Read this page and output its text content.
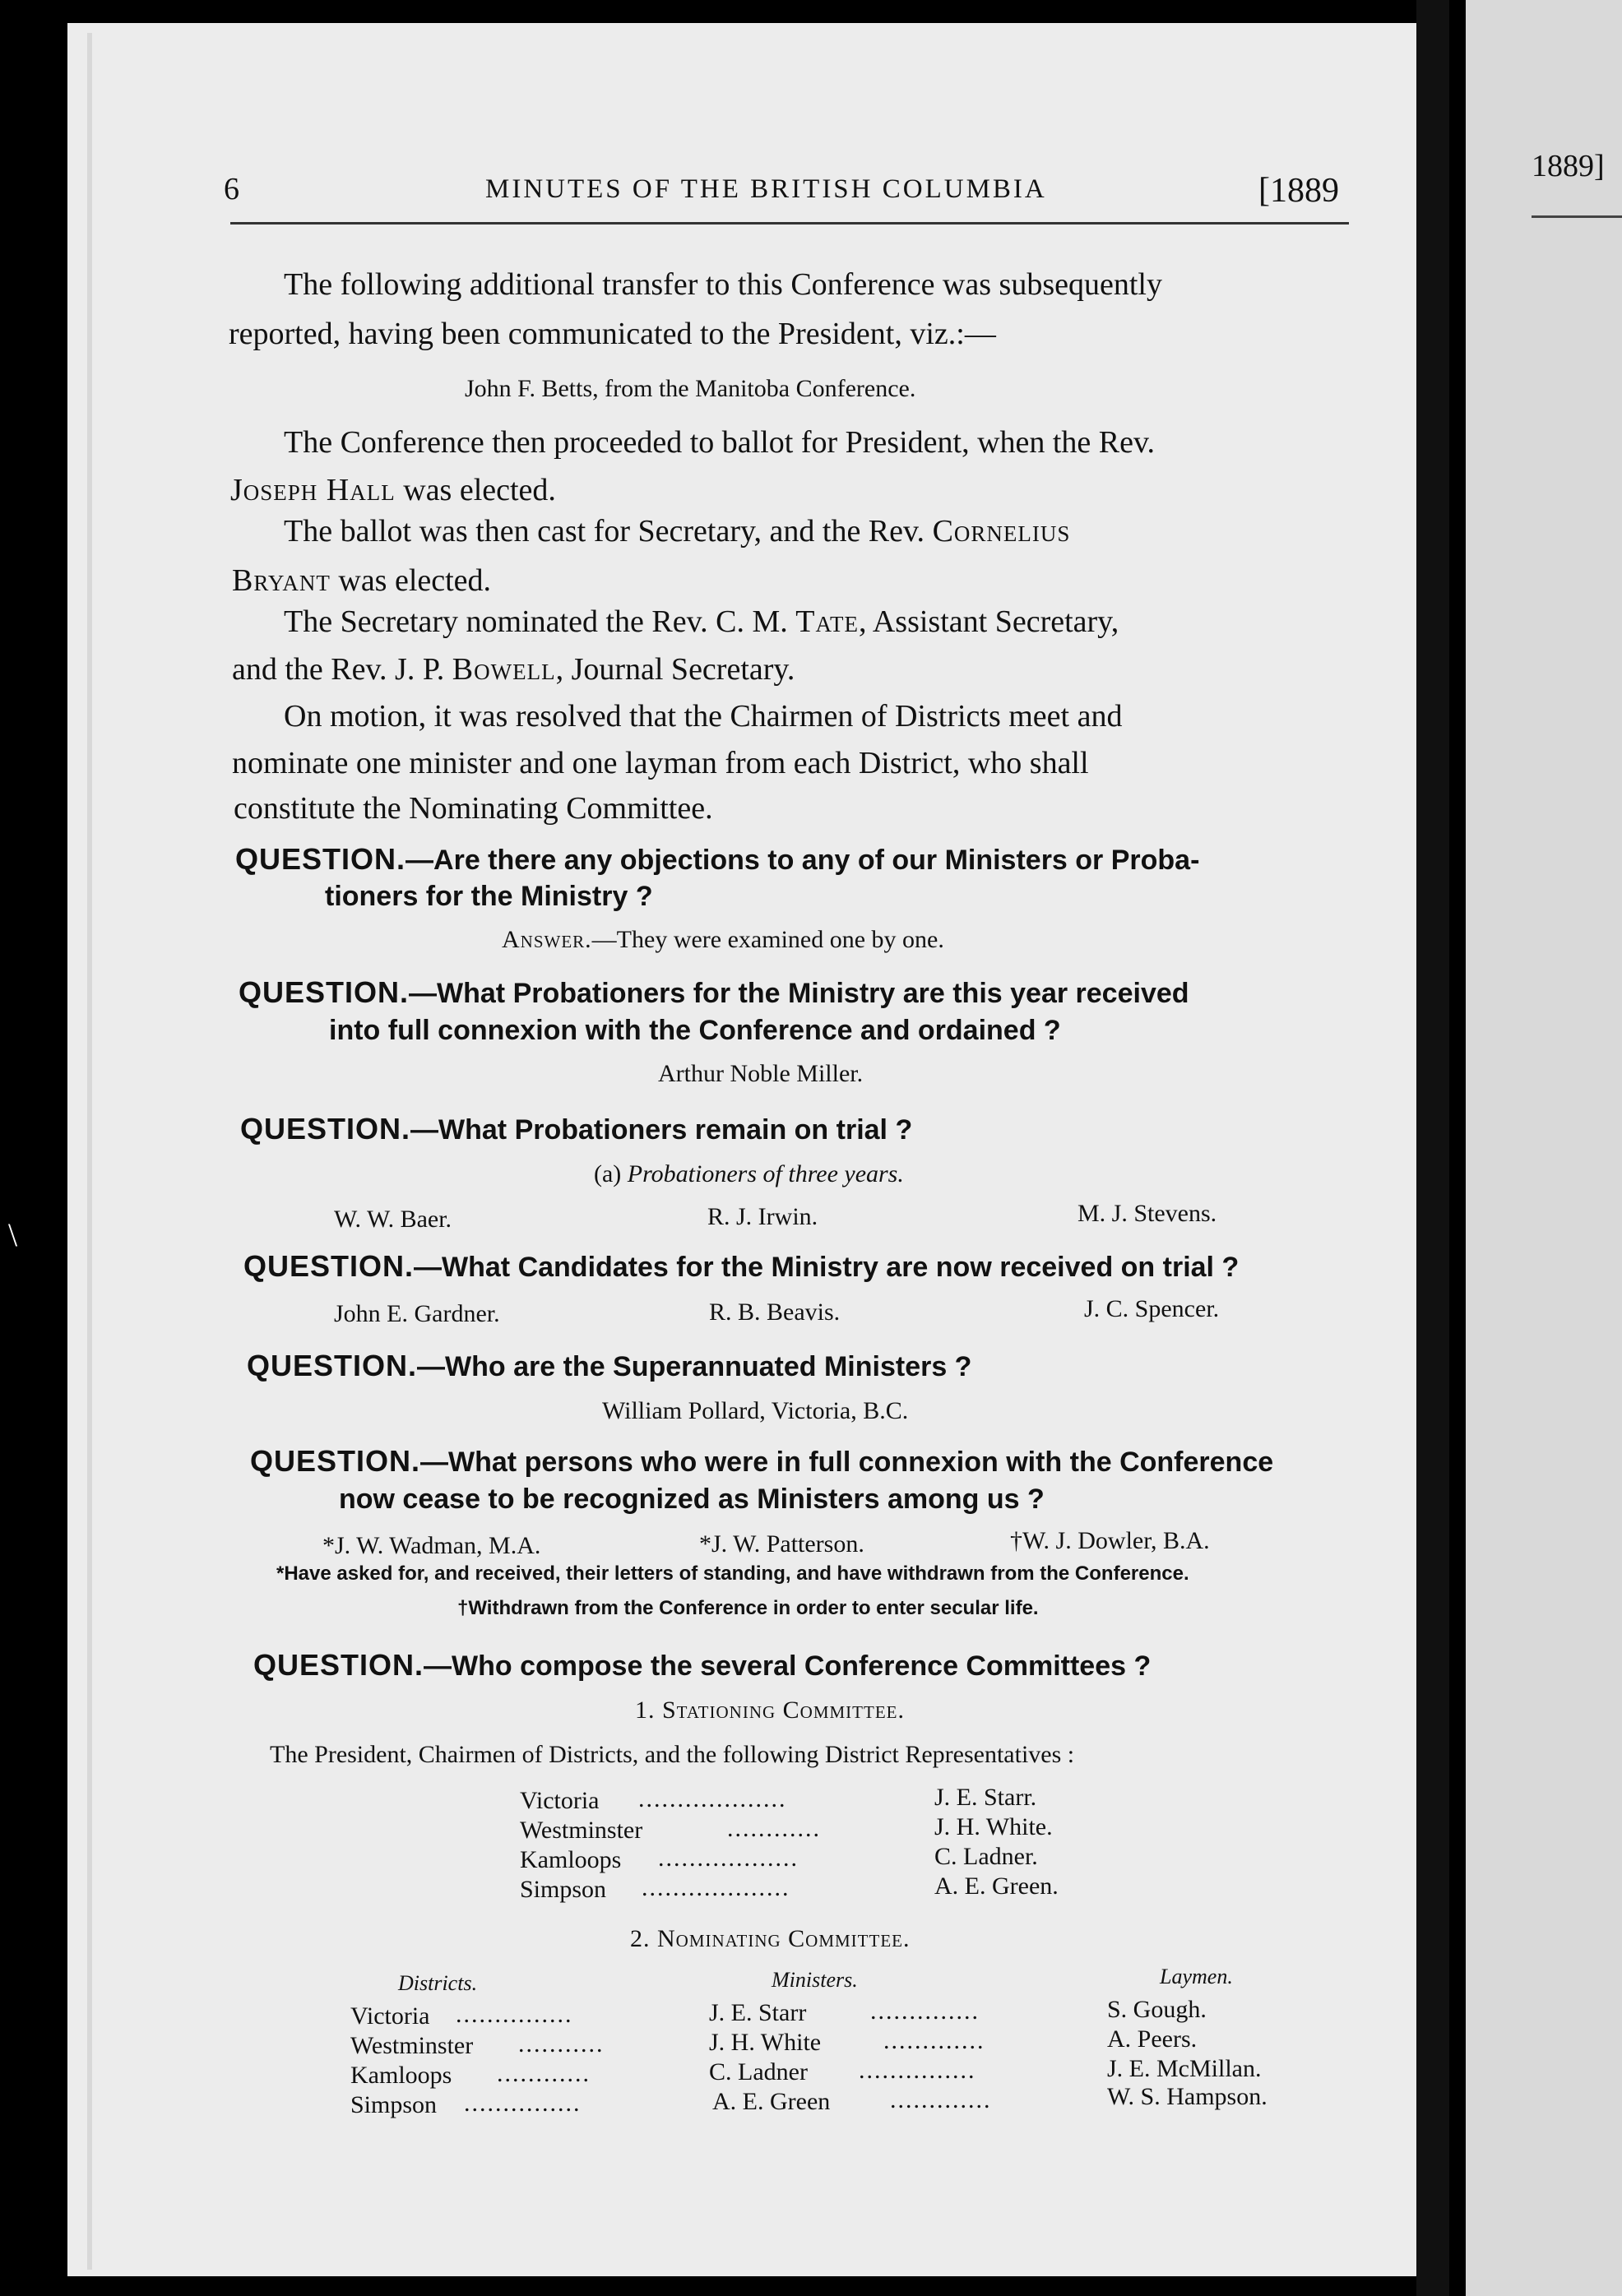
1889]
\
6	MINUTES OF THE BRITISH COLUMBIA	[1889
The following additional transfer to this Conference was subsequently
reported, having been communicated to the President, viz.:—
John F. Betts, from the Manitoba Conference.
The Conference then proceeded to ballot for President, when the Rev.
Joseph Hall was elected.
The ballot was then cast for Secretary, and the Rev. Cornelius
Bryant was elected.
The Secretary nominated the Rev. C. M. Tate, Assistant Secretary,
and the Rev. J. P. Bowell, Journal Secretary.
On motion, it was resolved that the Chairmen of Districts meet and
nominate one minister and one layman from each District, who shall
constitute the Nominating Committee.
QUESTION.—Are there any objections to any of our Ministers or Proba-
tioners for the Ministry ?
Answer.—They were examined one by one.
QUESTION.—What Probationers for the Ministry are this year received
into full connexion with the Conference and ordained ?
Arthur Noble Miller.
QUESTION.—What Probationers remain on trial ?
(a) Probationers of three years.
W. W. Baer.	R. J. Irwin.	M. J. Stevens.
QUESTION.—What Candidates for the Ministry are now received on trial ?
John E. Gardner.	R. B. Beavis.	J. C. Spencer.
QUESTION.—Who are the Superannuated Ministers ?
William Pollard, Victoria, B.C.
QUESTION.—What persons who were in full connexion with the Conference
now cease to be recognized as Ministers among us ?
*J. W. Wadman, M.A.	*J. W. Patterson.	†W. J. Dowler, B.A.
*Have asked for, and received, their letters of standing, and have withdrawn from the Conference.
†Withdrawn from the Conference in order to enter secular life.
QUESTION.—Who compose the several Conference Committees ?
1. Stationing Committee.
The President, Chairmen of Districts, and the following District Representatives :
Victoria ...................	J. E. Starr.
Westminster	............	J. H. White.
Kamloops ..................	C. Ladner.
Simpson ...................	A. E. Green.
2. Nominating Committee.
Districts.	Ministers.	Laymen.
Victoria ...............	J. E. Starr	..............	S. Gough.
Westminster ...........	J. H. White	.............	A. Peers.
Kamloops ............	C. Ladner ...............	J. E. McMillan.
Simpson ...............	A. E. Green .............	W. S. Hampson.
